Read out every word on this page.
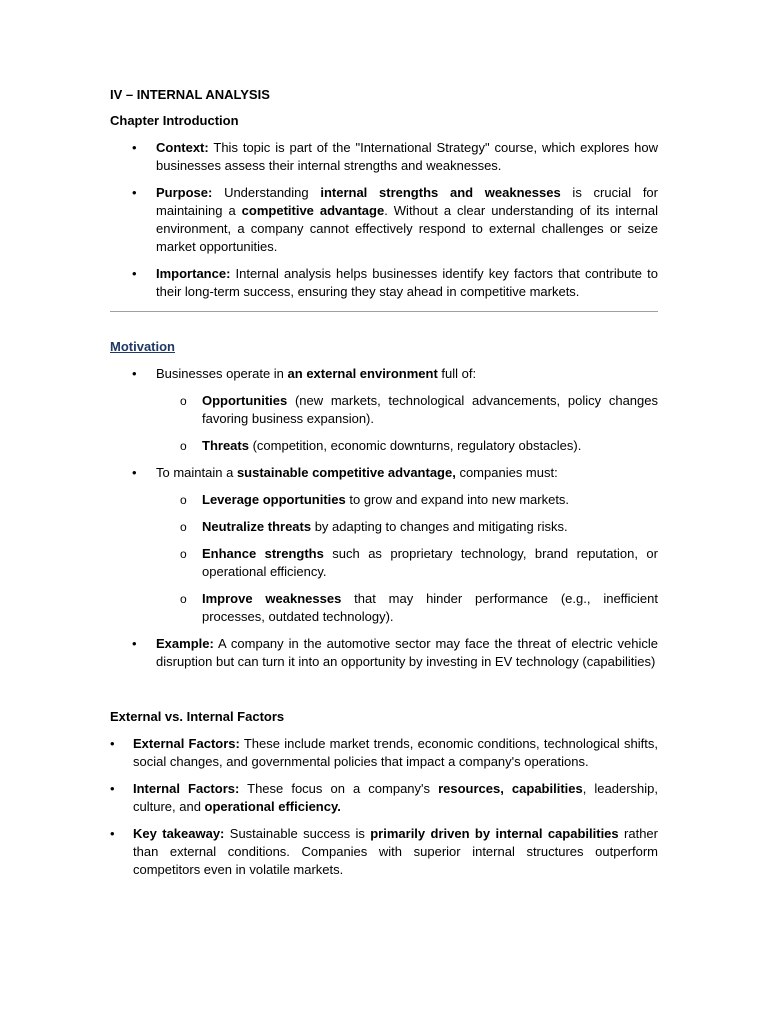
IV – INTERNAL ANALYSIS

Chapter Introduction

• Context: This topic is part of the "International Strategy" course, which explores how businesses assess their internal strengths and weaknesses.
• Purpose: Understanding internal strengths and weaknesses is crucial for maintaining a competitive advantage. Without a clear understanding of its internal environment, a company cannot effectively respond to external challenges or seize market opportunities.
• Importance: Internal analysis helps businesses identify key factors that contribute to their long-term success, ensuring they stay ahead in competitive markets.

Motivation

• Businesses operate in an external environment full of:
o Opportunities (new markets, technological advancements, policy changes favoring business expansion).
o Threats (competition, economic downturns, regulatory obstacles).
• To maintain a sustainable competitive advantage, companies must:
o Leverage opportunities to grow and expand into new markets.
o Neutralize threats by adapting to changes and mitigating risks.
o Enhance strengths such as proprietary technology, brand reputation, or operational efficiency.
o Improve weaknesses that may hinder performance (e.g., inefficient processes, outdated technology).
• Example: A company in the automotive sector may face the threat of electric vehicle disruption but can turn it into an opportunity by investing in EV technology (capabilities)

External vs. Internal Factors

• External Factors: These include market trends, economic conditions, technological shifts, social changes, and governmental policies that impact a company's operations.
• Internal Factors: These focus on a company's resources, capabilities, leadership, culture, and operational efficiency.
• Key takeaway: Sustainable success is primarily driven by internal capabilities rather than external conditions. Companies with superior internal structures outperform competitors even in volatile markets.
